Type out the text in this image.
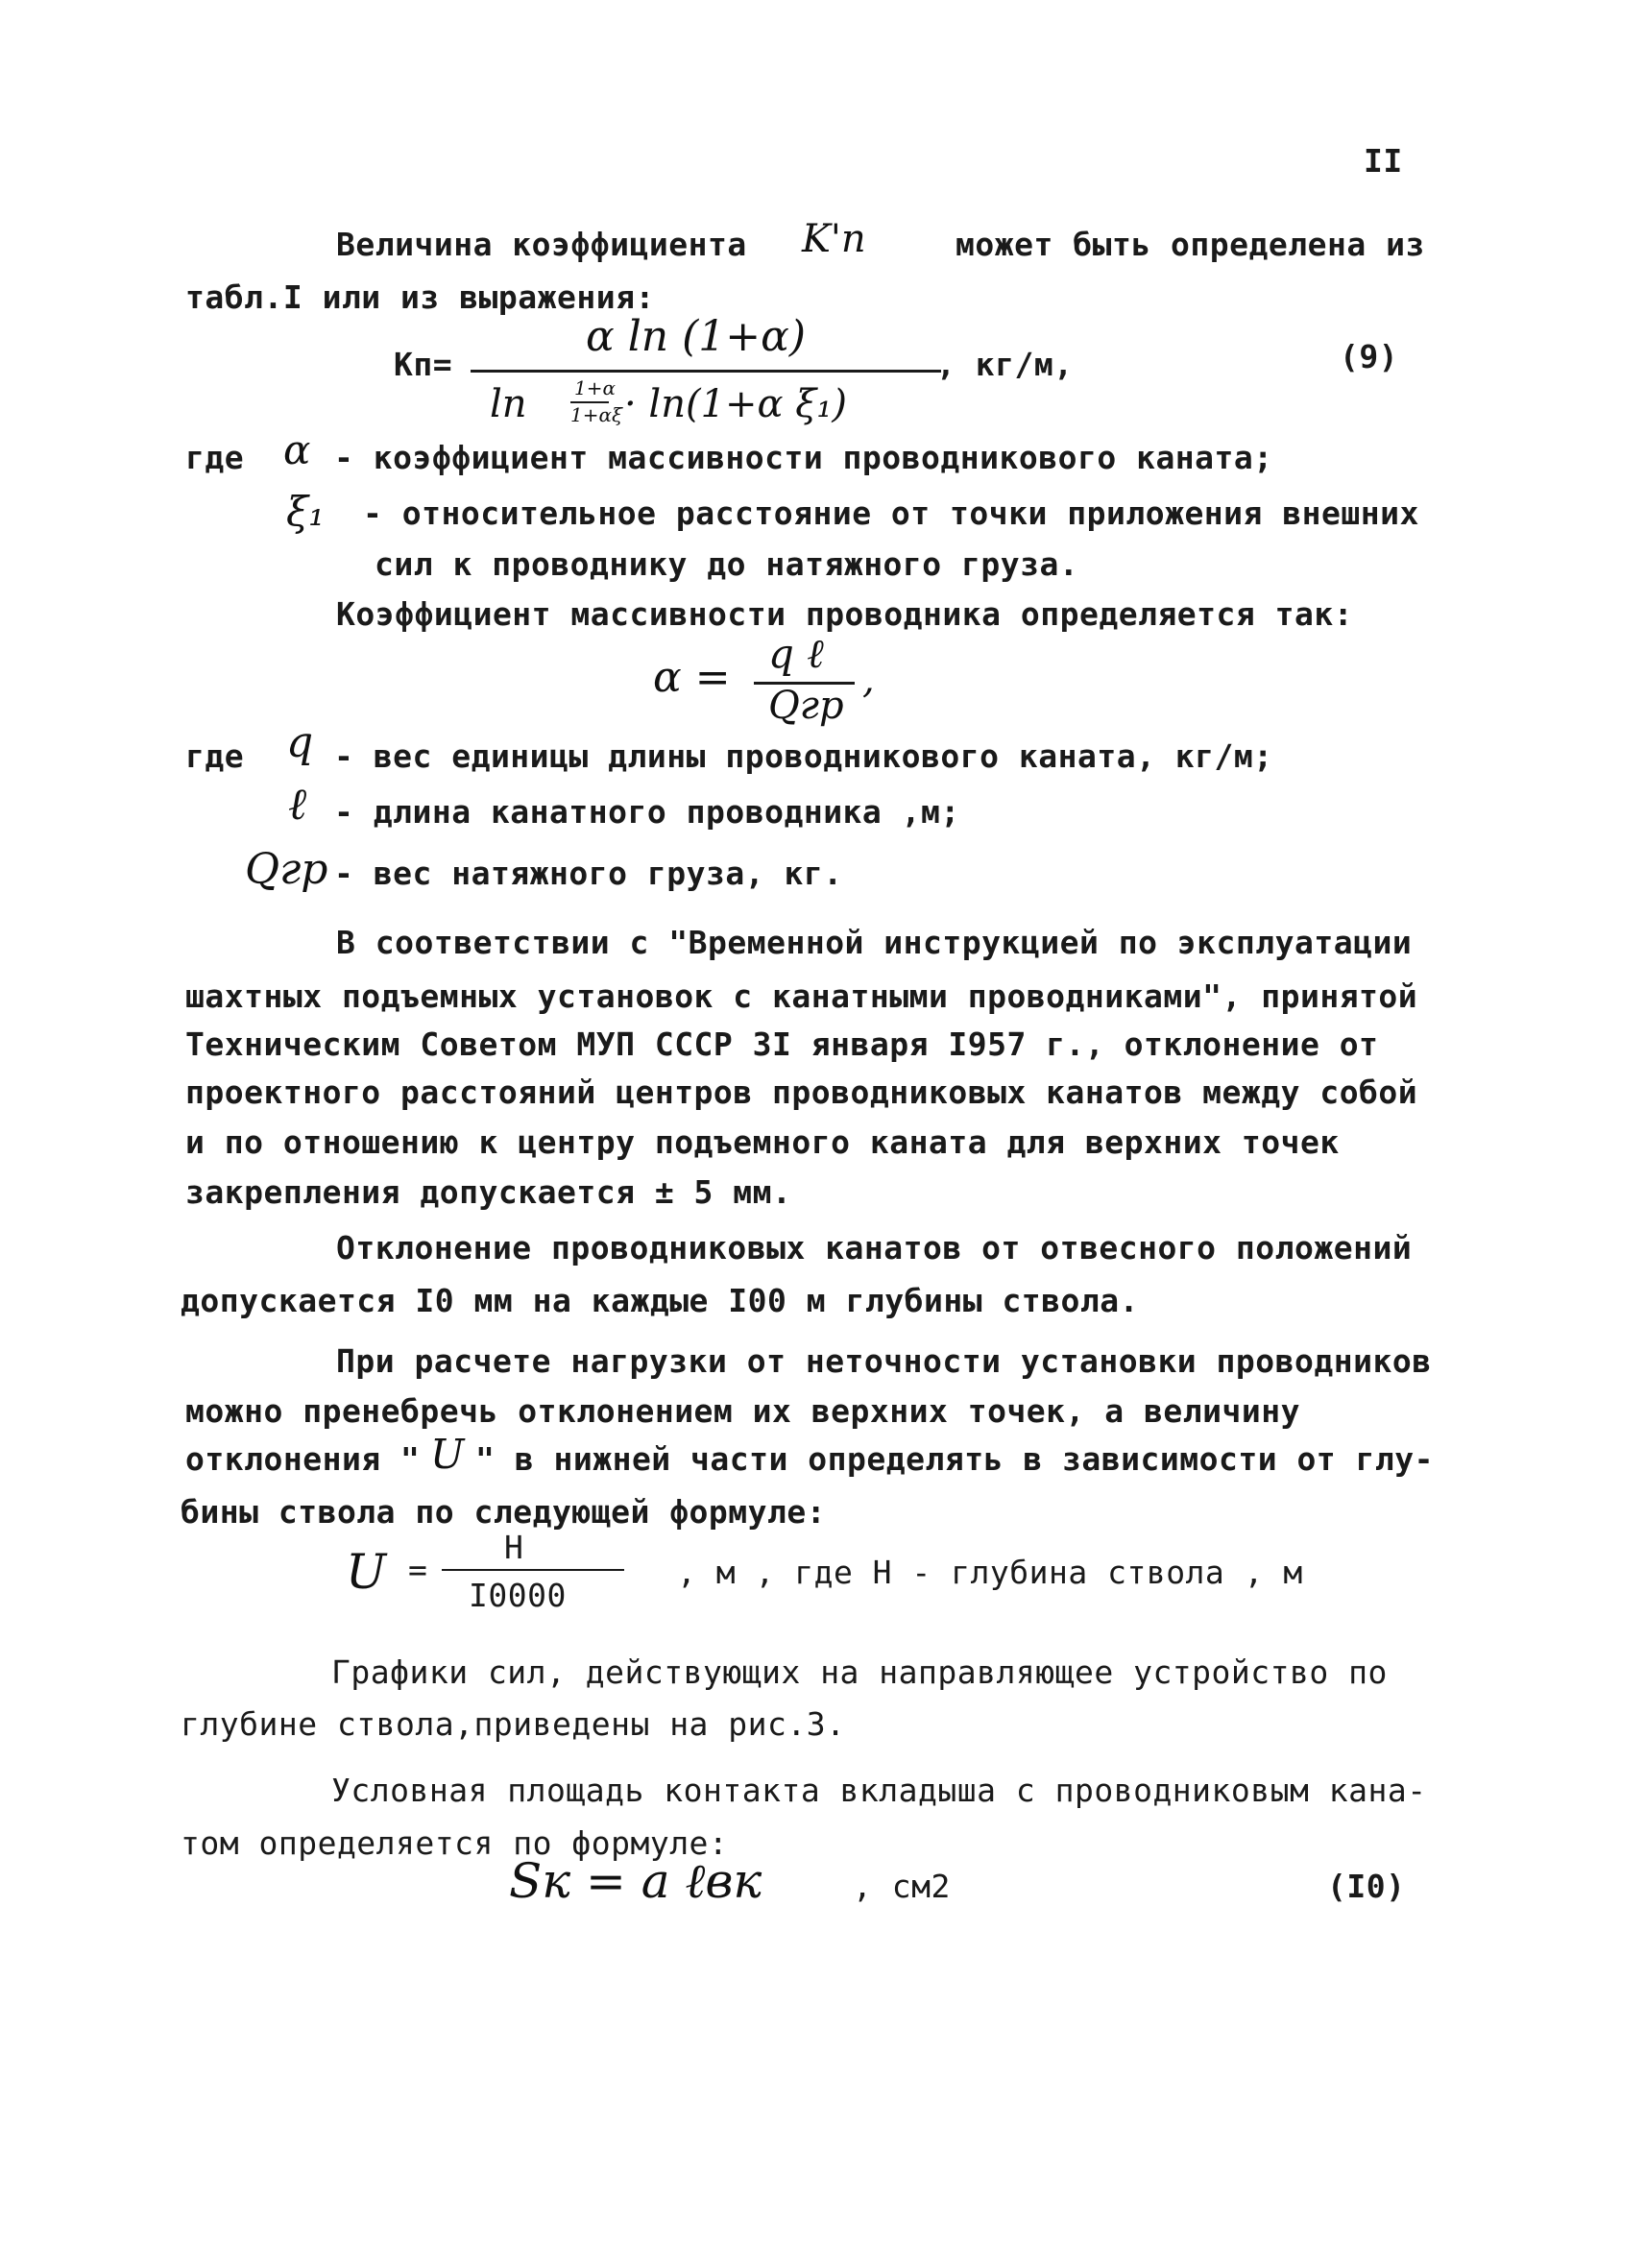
II
Величина коэффициента K'n	может быть определена из
табл.I или из выражения:
Kп=
α ln (1+α)
ln 1+α
1+αξ · ln(1+α ξ₁)
, кг/м,	(9)
где α - коэффициент массивности проводникового каната;
ξ₁ - относительное расстояние от точки приложения внешних
сил к проводнику до натяжного груза.
Коэффициент массивности проводника определяется так:
α = q ℓ
Qгр
,
где q - вес единицы длины проводникового каната, кг/м;
ℓ - длина канатного проводника ,м;
Qгр - вес натяжного груза, кг.
В соответствии с "Временной инструкцией по эксплуатации
шахтных подъемных установок с канатными проводниками", принятой
Техническим Советом МУП СССР 3I января I957 г., отклонение от
проектного расстояний центров проводниковых канатов между собой
и по отношению к центру подъемного каната для верхних точек
закрепления допускается ± 5 мм.
Отклонение проводниковых канатов от отвесного положений
допускается I0 мм на каждые I00 м глубины ствола.
При расчете нагрузки от неточности установки проводников
можно пренебречь отклонением их верхних точек, а величину
отклонения " U " в нижней части определять в зависимости от глу-
бины ствола по следующей формуле:
U =
H
I0000
, м , где H - глубина ствола , м
Графики сил, действующих на направляющее устройство по
глубине ствола,приведены на рис.3.
Условная площадь контакта вкладыша с проводниковым кана-
том определяется по формуле:
Sк = a ℓвк	, см2	(I0)
